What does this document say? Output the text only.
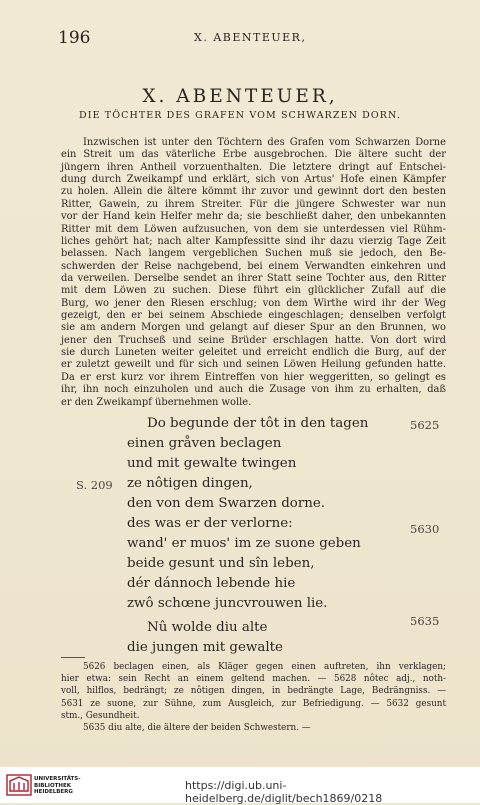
196	X. ABENTEUER,
X. ABENTEUER,
DIE TÖCHTER DES GRAFEN VOM SCHWARZEN DORN.
Inzwischen ist unter den Töchtern des Grafen vom Schwarzen Dorne
ein Streit um das väterliche Erbe ausgebrochen. Die ältere sucht der
jüngern ihren Antheil vorzuenthalten. Die letztere dringt auf Entschei-
dung durch Zweikampf und erklärt, sich von Artus' Hofe einen Kämpfer
zu holen. Allein die ältere kömmt ihr zuvor und gewinnt dort den besten
Ritter, Gawein, zu ihrem Streiter. Für die jüngere Schwester war nun
vor der Hand kein Helfer mehr da; sie beschließt daher, den unbekannten
Ritter mit dem Löwen aufzusuchen, von dem sie unterdessen viel Rühm-
liches gehört hat; nach alter Kampfessitte sind ihr dazu vierzig Tage Zeit
belassen. Nach langem vergeblichen Suchen muß sie jedoch, den Be-
schwerden der Reise nachgebend, bei einem Verwandten einkehren und
da verweilen. Derselbe sendet an ihrer Statt seine Tochter aus, den Ritter
mit dem Löwen zu suchen. Diese führt ein glücklicher Zufall auf die
Burg, wo jener den Riesen erschlug; von dem Wirthe wird ihr der Weg
gezeigt, den er bei seinem Abschiede eingeschlagen; denselben verfolgt
sie am andern Morgen und gelangt auf dieser Spur an den Brunnen, wo
jener den Truchseß und seine Brüder erschlagen hatte. Von dort wird
sie durch Luneten weiter geleitet und erreicht endlich die Burg, auf der
er zuletzt geweilt und für sich und seinen Löwen Heilung gefunden hatte.
Da er erst kurz vor ihrem Eintreffen von hier weggeritten, so gelingt es
ihr, ihn noch einzuholen und auch die Zusage von ihm zu erhalten, daß
er den Zweikampf übernehmen wolle.
Do begunde der tôt in den tagen
einen gråven beclagen
und mit gewalte twingen
ze nôtigen dingen,
den von dem Swarzen dorne.
des was er der verlorne:
wand' er muos' im ze suone geben
beide gesunt und sîn leben,
dér dánnoch lebende hie
zwô schœne juncvrouwen lie.
Nû wolde diu alte
die jungen mit gewalte
5625
5630
5635
S. 209
5626 beclagen einen, als Kläger gegen einen auftreten, ihn verklagen;
hier etwa: sein Recht an einem geltend machen. — 5628 nôtec adj., noth-
voll, hilflos, bedrängt; ze nôtigen dingen, in bedrängte Lage, Bedrängniss. —
5631 ze suone, zur Sühne, zum Ausgleich, zur Befriedigung. — 5632 gesunt
stm., Gesundheit.
5635 diu alte, die ältere der beiden Schwestern. —
UNIVERSITÄTS-
BIBLIOTHEK
HEIDELBERG	https://digi.ub.uni-heidelberg.de/diglit/bech1869/0218
